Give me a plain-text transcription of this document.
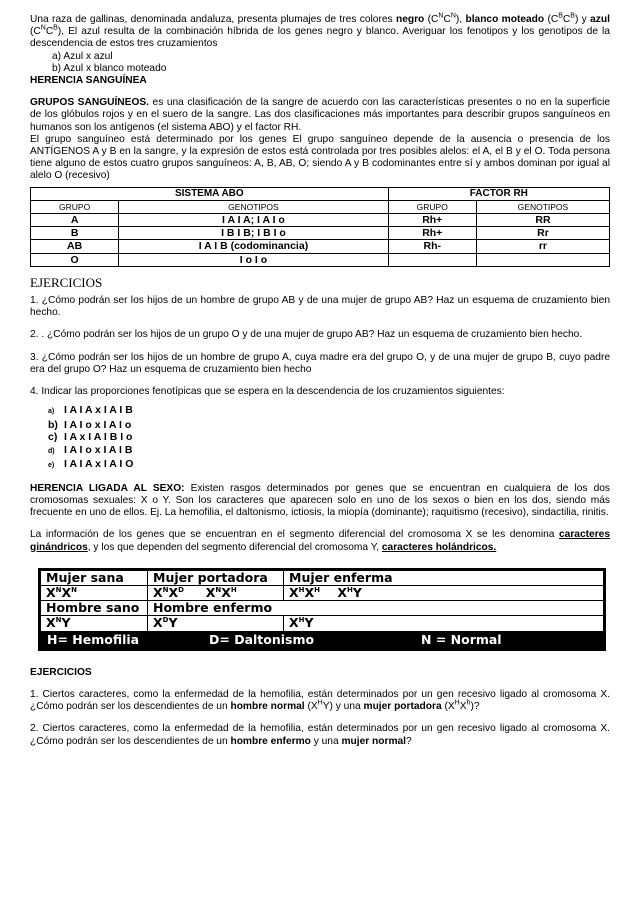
Una raza de gallinas, denominada andaluza, presenta plumajes de tres colores negro $(C^NC^N)$, blanco moteado $(C^BC^B)$ y azul $(C^NC^B)$, El azul resulta de la combinación híbrida de los genes negro y blanco. Averiguar los fenotipos y los genotipos de la descendencia de estos tres cruzamientos

a) Azul x azul
b) Azul x blanco moteado
HERENCIA SANGUÍNEA

GRUPOS SANGUÍNEOS. es una clasificación de la sangre de acuerdo con las características presentes o no en la superficie de los glóbulos rojos y en el suero de la sangre. Las dos clasificaciones más importantes para describir grupos sanguíneos en humanos son los antígenos (el sistema ABO) y el factor RH.

El grupo sanguíneo está determinado por los genes El grupo sanguíneo depende de la ausencia o presencia de los ANTÍGENOS A y B en la sangre, y la expresión de estos está controlada por tres posibles alelos: el A, el B y el O. Toda persona tiene alguno de estos cuatro grupos sanguíneos: A, B, AB, O; siendo A y B codominantes entre sí y ambos dominan por igual al alelo O (recesivo)

SISTEMA ABO		FACTOR RH	
GRUPO	GENOTIPOS	GRUPO	GENOTIPOS
A	I A I A; I A I o	Rh+	RR
B	I B I B; I B I o	Rh+	Rr
AB	I A I B (codominancia)	Rh-	rr
O	I o I o		
EJERCICIOS

1. ¿Cómo podrán ser los hijos de un hombre de grupo AB y de una mujer de grupo AB? Haz un esquema de cruzamiento bien hecho.

2. . ¿Cómo podrán ser los hijos de un grupo O y de una mujer de grupo AB? Haz un esquema de cruzamiento bien hecho.

3. ¿Cómo podrán ser los hijos de un hombre de grupo A, cuya madre era del grupo O, y de una mujer de grupo B, cuyo padre era del grupo O? Haz un esquema de cruzamiento bien hecho

4. Indicar las proporciones fenotípicas que se espera en la descendencia de los cruzamientos siguientes:

a) I A I A x I A I B
b) I A I o x I A I o
c) I A x I A I B I o
d) I A I o x I A I B
e) I A I A x I A I O

HERENCIA LIGADA AL SEXO: Existen rasgos determinados por genes que se encuentran en cualquiera de los dos cromosomas sexuales: X o Y. Son los caracteres que aparecen solo en uno de los sexos o bien en los dos, siendo más frecuente en uno de ellos. Ej. La hemofilia, el daltonismo, ictiosis, la miopía (dominante); raquitismo (recesivo), sindactilia, rinitis.

La información de los genes que se encuentran en el segmento diferencial del cromosoma X se les denomina caracteres ginándricos, y los que dependen del segmento diferencial del cromosoma Y, caracteres holándricos.

Mujer sana	Mujer portadora	Mujer enferma
$X^NX^N$	$X^NX^D$     $X^NX^H$	$X^HX^H$    $X^HY$
Hombre sano	Hombre enfermo
$X^NY$	$X^DY$	$X^HY$
H= Hemofilia	D= Daltonismo	N = Normal
EJERCICIOS

1. Ciertos caracteres, como la enfermedad de la hemofilia, están determinados por un gen recesivo ligado al cromosoma X. ¿Cómo podrán ser los descendientes de un hombre normal $(X^HY)$ y una mujer portadora $(X^HX^h)$?

2. Ciertos caracteres, como la enfermedad de la hemofilia, están determinados por un gen recesivo ligado al cromosoma X. ¿Cómo podrán ser los descendientes de un hombre enfermo y una mujer normal?
